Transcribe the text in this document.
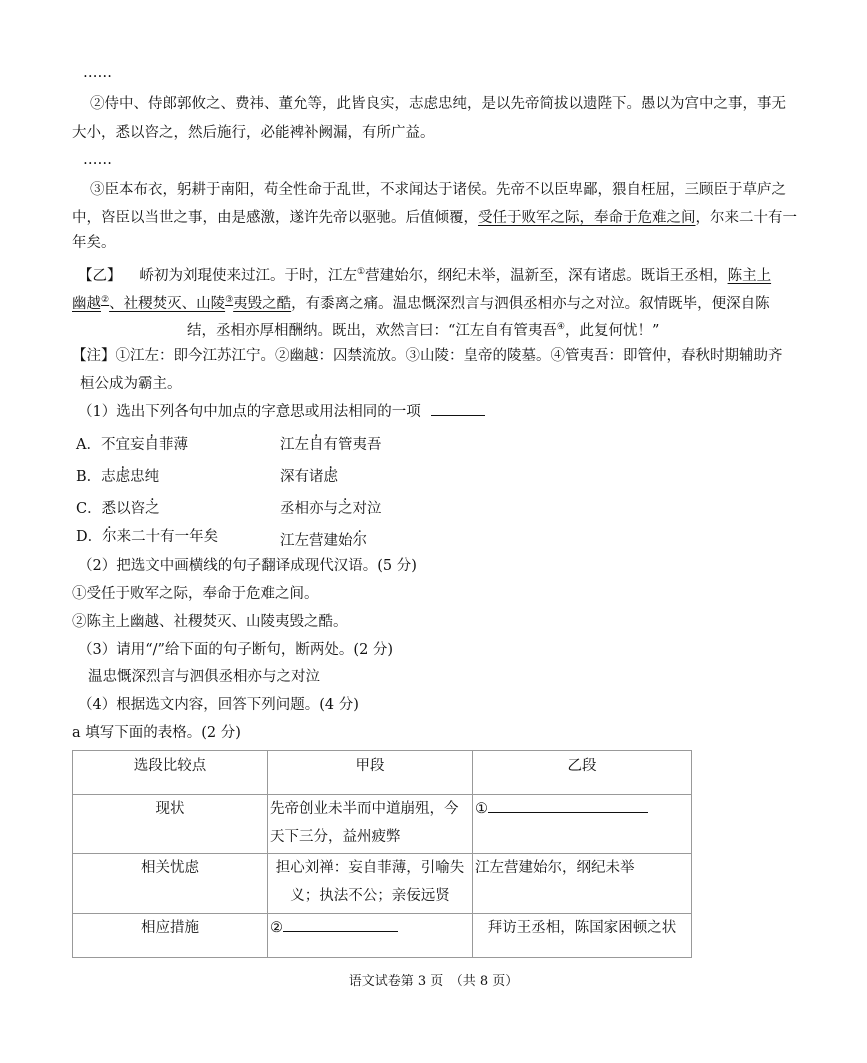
……
②侍中、侍郎郭攸之、费祎、董允等，此皆良实，志虑忠纯，是以先帝简拔以遗陛下。愚以为宫中之事，事无
大小，悉以咨之，然后施行，必能裨补阙漏，有所广益。
……
③臣本布衣，躬耕于南阳，苟全性命于乱世，不求闻达于诸侯。先帝不以臣卑鄙，猥自枉屈，三顾臣于草庐之
中，咨臣以当世之事，由是感激，遂许先帝以驱驰。后值倾覆，受任于败军之际，奉命于危难之间，尔来二十有一
年矣。
【乙】 峤初为刘琨使来过江。于时，江左①营建始尔，纲纪未举，温新至，深有诸虑。既诣王丞相，陈主上
幽越②、社稷焚灭、山陵③夷毁之酷，有黍离之痛。温忠慨深烈言与泗俱丞相亦与之对泣。叙情既毕，便深自陈
结，丞相亦厚相酬纳。既出，欢然言曰：“江左自有管夷吾④，此复何忧！”
【注】①江左：即今江苏江宁。②幽越：囚禁流放。③山陵：皇帝的陵墓。④管夷吾：即管仲，春秋时期辅助齐
桓公成为霸主。
（1）选出下列各句中加点的字意思或用法相同的一项
A．不宜妄自菲薄	江左自有管夷吾
B．志虑忠纯	深有诸虑
C．悉以咨之	丞相亦与之对泣
D．尔来二十有一年矣	江左营建始尔
（2）把选文中画横线的句子翻译成现代汉语。(5 分)
①受任于败军之际，奉命于危难之间。
②陈主上幽越、社稷焚灭、山陵夷毁之酷。
（3）请用“/”给下面的句子断句，断两处。(2 分)
温忠慨深烈言与泗俱丞相亦与之对泣
（4）根据选文内容，回答下列问题。(4 分)
a 填写下面的表格。(2 分)
选段比较点	甲段	乙段
现状	先帝创业未半而中道崩殂，今
天下三分，益州疲弊	①

相关忧虑	担心刘禅：妄自菲薄，引喻失
义；执法不公；亲佞远贤	江左营建始尔，纲纪未举

相应措施	②	拜访王丞相，陈国家困顿之状
语文试卷第 3 页　（共 8 页）
